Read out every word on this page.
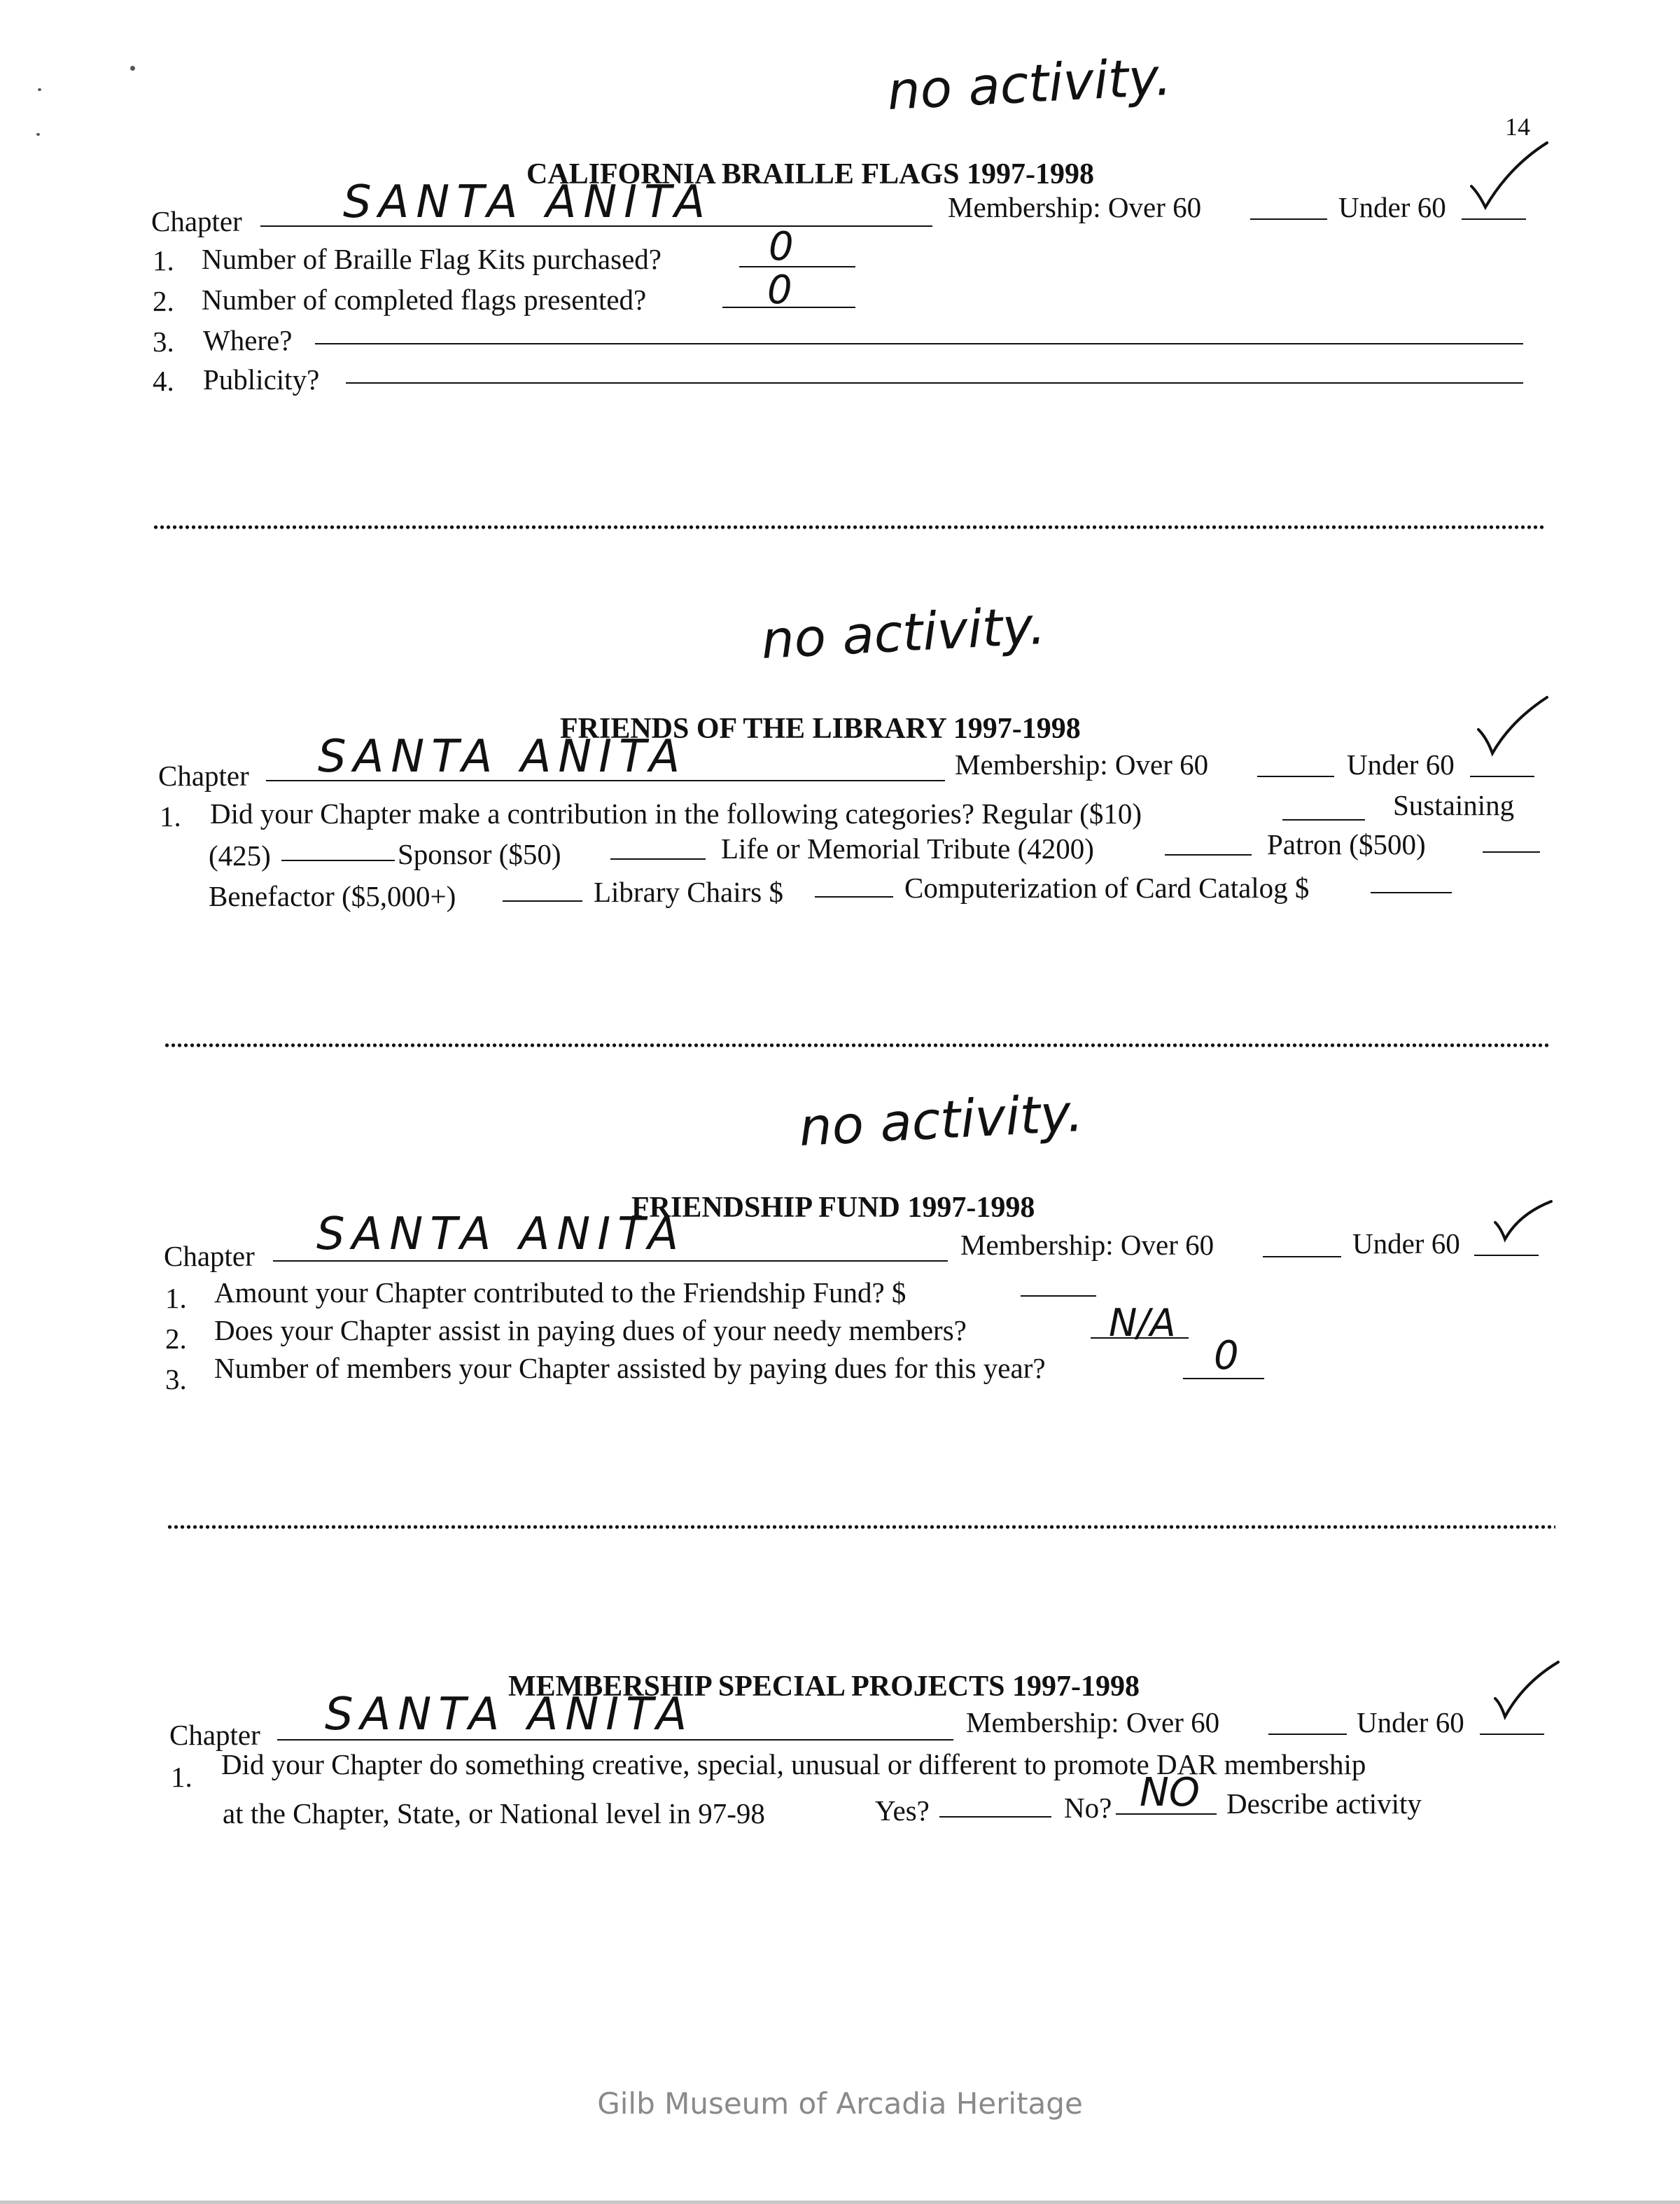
14
no activity.
CALIFORNIA BRAILLE FLAGS 1997-1998
Chapter SANTA ANITA	Membership: Over 60	Under 60
1. Number of Braille Flag Kits purchased?	0
2. Number of completed flags presented?	0
3. Where?
4. Publicity?
no activity.
FRIENDS OF THE LIBRARY 1997-1998
Chapter SANTA ANITA	Membership: Over 60	Under 60
1. Did your Chapter make a contribution in the following categories? Regular ($10)	Sustaining
(425)	Sponsor ($50)	Life or Memorial Tribute (4200)	Patron ($500)
Benefactor ($5,000+)	Library Chairs $	Computerization of Card Catalog $
no activity.
FRIENDSHIP FUND 1997-1998
Chapter SANTA ANITA	Membership: Over 60	Under 60
1. Amount your Chapter contributed to the Friendship Fund? $
2. Does your Chapter assist in paying dues of your needy members?	N/A
3. Number of members your Chapter assisted by paying dues for this year?	0
MEMBERSHIP SPECIAL PROJECTS 1997-1998
Chapter SANTA ANITA	Membership: Over 60	Under 60
1. Did your Chapter do something creative, special, unusual or different to promote DAR membership
at the Chapter, State, or National level in 97-98	Yes?	No? NO Describe activity
Gilb Museum of Arcadia Heritage
